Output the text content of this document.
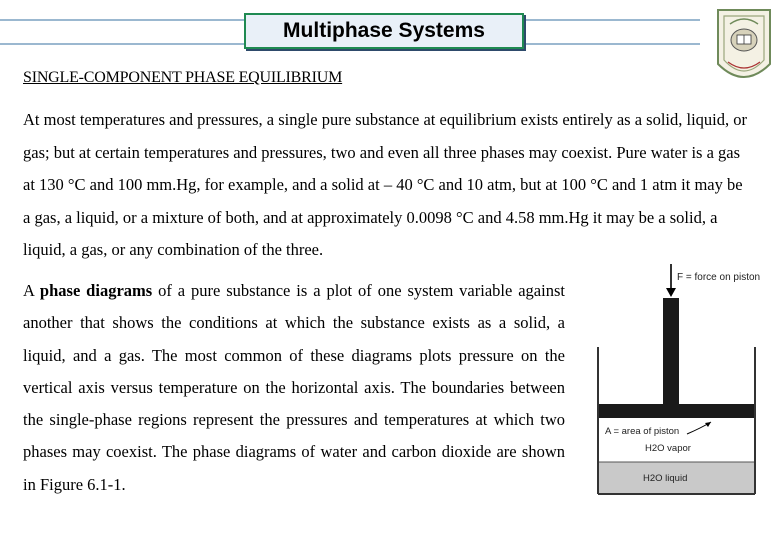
Multiphase Systems
SINGLE-COMPONENT PHASE EQUILIBRIUM
At most temperatures and pressures, a single pure substance at equilibrium exists entirely as a solid, liquid, or gas; but at certain temperatures and pressures, two and even all three phases may coexist. Pure water is a gas at 130 °C and 100 mm.Hg, for example, and a solid at – 40 °C and 10 atm, but at 100 °C and 1 atm it may be a gas, a liquid, or a mixture of both, and at approximately 0.0098 °C and 4.58 mm.Hg it may be a solid, a liquid, a gas, or any combination of the three.
A phase diagrams of a pure substance is a plot of one system variable against another that shows the conditions at which the substance exists as a solid, a liquid, and a gas. The most common of these diagrams plots pressure on the vertical axis versus temperature on the horizontal axis. The boundaries between the single-phase regions represent the pressures and temperatures at which two phases may coexist. The phase diagrams of water and carbon dioxide are shown in Figure 6.1-1.
F = force on piston
A = area of piston
H2O vapor
H2O liquid
